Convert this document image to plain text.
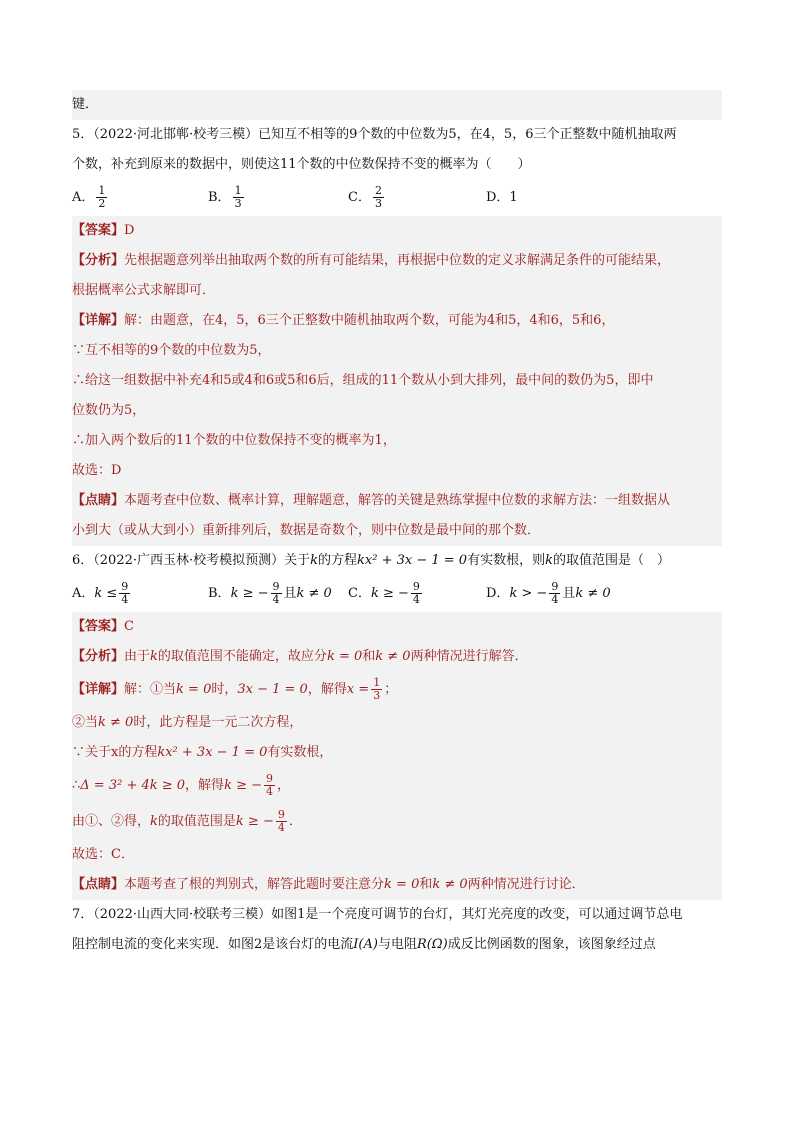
键．
5．（2022·河北邯郸·校考三模）已知互不相等的9个数的中位数为5，在4，5，6三个正整数中随机抽取两
个数，补充到原来的数据中，则使这11个数的中位数保持不变的概率为（　　）
A． $\frac{1}{2}$	B． $\frac{1}{3}$	C． $\frac{2}{3}$	D．1
【答案】D
【分析】先根据题意列举出抽取两个数的所有可能结果，再根据中位数的定义求解满足条件的可能结果，
根据概率公式求解即可．
【详解】解：由题意，在4，5，6三个正整数中随机抽取两个数，可能为4和5，4和6，5和6，
∵互不相等的9个数的中位数为5，
∴给这一组数据中补充4和5或4和6或5和6后，组成的11个数从小到大排列，最中间的数仍为5，即中
位数仍为5，
∴加入两个数后的11个数的中位数保持不变的概率为1，
故选：D
【点睛】本题考查中位数、概率计算，理解题意，解答的关键是熟练掌握中位数的求解方法：一组数据从
小到大（或从大到小）重新排列后，数据是奇数个，则中位数是最中间的那个数．
6．（2022·广西玉林·校考模拟预测）关于k的方程kx² + 3x − 1 = 0有实数根，则k的取值范围是（　）
A．$k \le \frac{9}{4}$	B．k ≥ − $\frac{9}{4}$ 且k ≠ 0 C．k ≥ − $\frac{9}{4}$	D．k > − $\frac{9}{4}$ 且k ≠ 0
【答案】C
【分析】由于k的取值范围不能确定，故应分k = 0和k ≠ 0两种情况进行解答．
【详解】解：①当k = 0时，3x − 1 = 0，解得$x = \frac{1}{3}$ ；
②当k ≠ 0时，此方程是一元二次方程，
∵关于x的方程kx² + 3x − 1 = 0有实数根，
∴Δ = 3² + 4k ≥ 0，解得k ≥ − $\frac{9}{4}$ ，
由①、②得，k的取值范围是k ≥ − $\frac{9}{4}$ ．
故选：C．
【点睛】本题考查了根的判别式，解答此题时要注意分k = 0和k ≠ 0两种情况进行讨论．
7．（2022·山西大同·校联考三模）如图1是一个亮度可调节的台灯，其灯光亮度的改变，可以通过调节总电
阻控制电流的变化来实现．如图2是该台灯的电流I(A)与电阻R(Ω)成反比例函数的图象，该图象经过点
